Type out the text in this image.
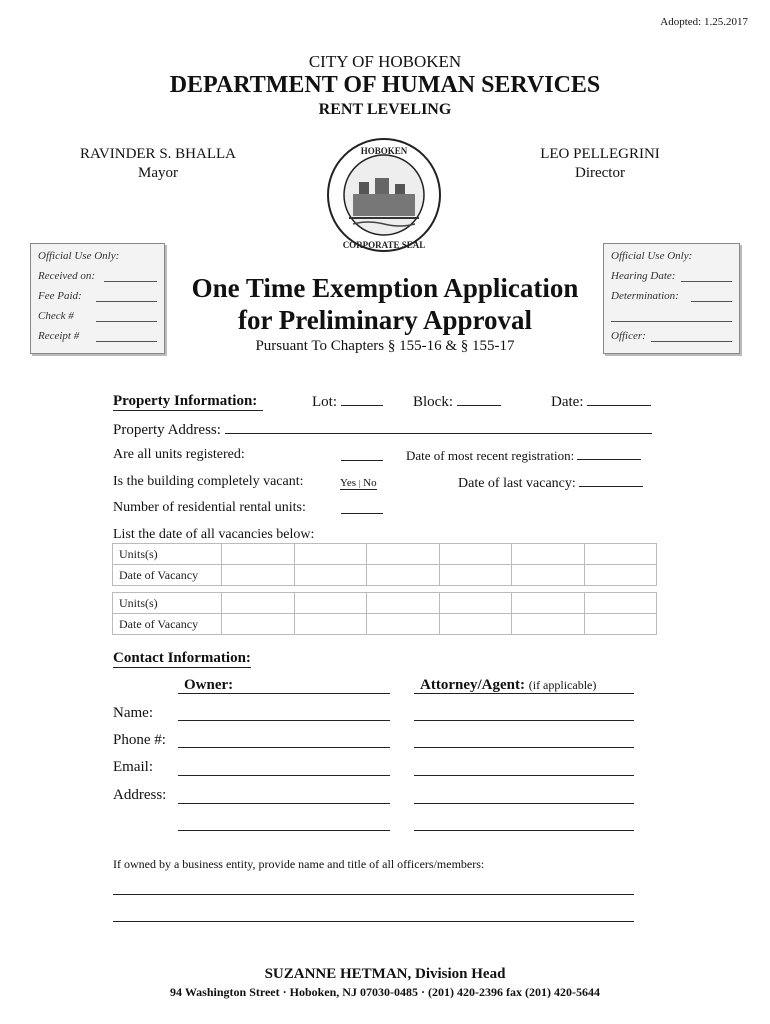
Adopted: 1.25.2017
CITY OF HOBOKEN
DEPARTMENT OF HUMAN SERVICES
RENT LEVELING
RAVINDER S. BHALLA
Mayor
LEO PELLEGRINI
Director
HOBOKEN
CORPORATE SEAL
Official Use Only:
Received on:
Fee Paid:
Check #
Receipt #
Official Use Only:
Hearing Date:
Determination:
Officer:
One Time Exemption Application
for Preliminary Approval
Pursuant To Chapters § 155-16 & § 155-17
Property Information:	Lot:	Block:	Date:
Property Address:
Are all units registered:	Date of most recent registration:
Is the building completely vacant:	Yes | No	Date of last vacancy:
Number of residential rental units:
List the date of all vacancies below:
Units(s)						
Date of Vacancy						
Units(s)						
Date of Vacancy						
Contact Information:
Owner:	Attorney/Agent: (if applicable)
Name:
Phone #:
Email:
Address:
If owned by a business entity, provide name and title of all officers/members:
SUZANNE HETMAN, Division Head
94 Washington Street · Hoboken, NJ 07030-0485 · (201) 420-2396 fax (201) 420-5644
